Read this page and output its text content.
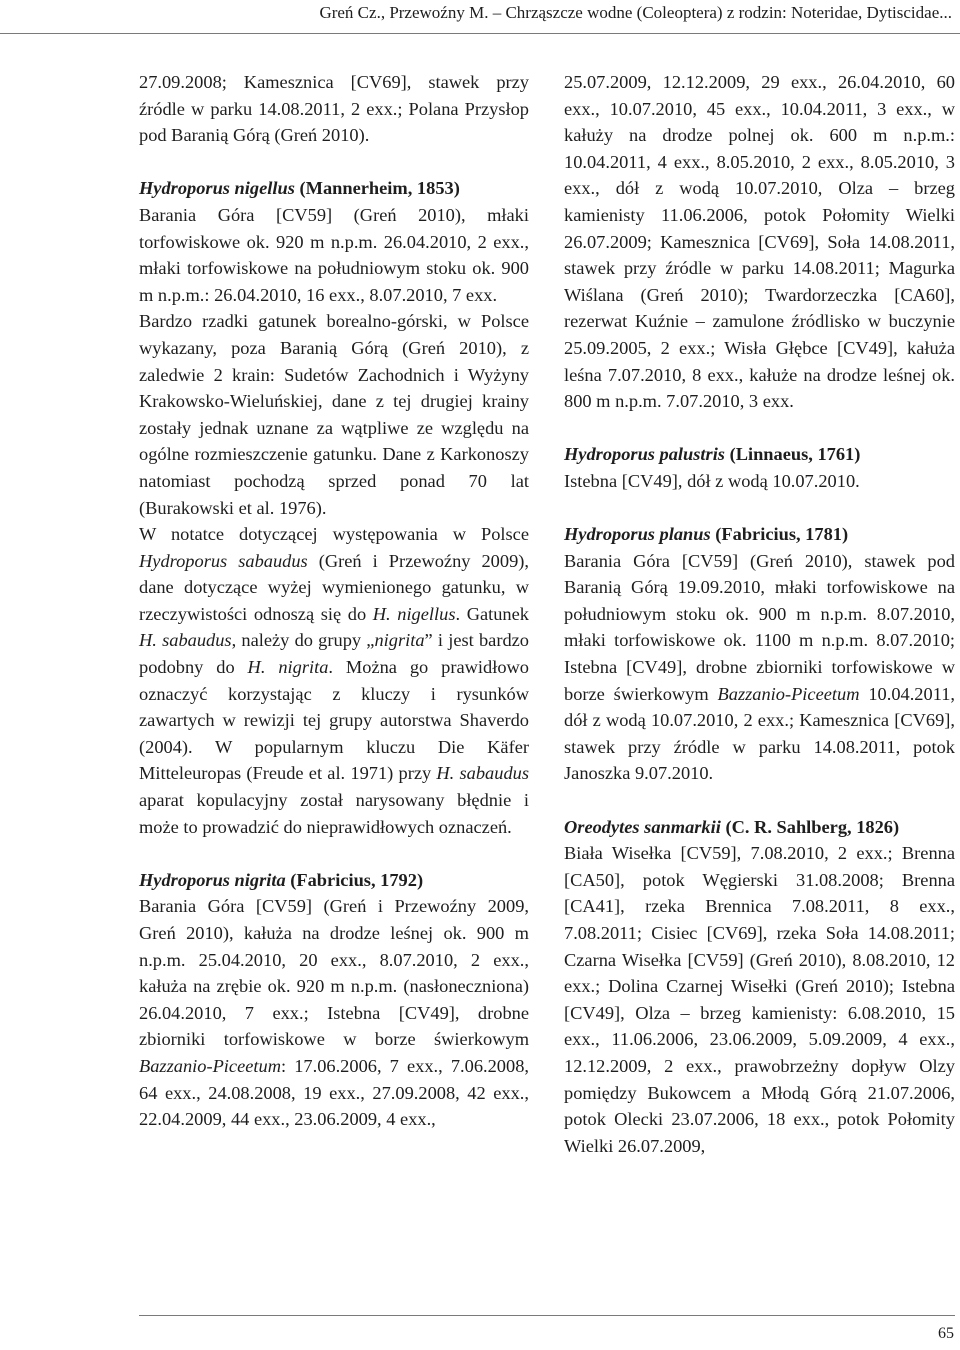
Greń Cz., Przewoźny M. – Chrząszcze wodne (Coleoptera) z rodzin: Noteridae, Dytiscidae...

27.09.2008; Kamesznica [CV69], stawek przy źródle w parku 14.08.2011, 2 exx.; Polana Przysłop pod Baranią Górą (Greń 2010).

Hydroporus nigellus (Mannerheim, 1853)

Barania Góra [CV59] (Greń 2010), młaki torfowiskowe ok. 920 m n.p.m. 26.04.2010, 2 exx., młaki torfowiskowe na południowym stoku ok. 900 m n.p.m.: 26.04.2010, 16 exx., 8.07.2010, 7 exx.

Bardzo rzadki gatunek borealno-górski, w Polsce wykazany, poza Baranią Górą (Greń 2010), z zaledwie 2 krain: Sudetów Zachodnich i Wyżyny Krakowsko-Wieluńskiej, dane z tej drugiej krainy zostały jednak uznane za wątpliwe ze względu na ogólne rozmieszczenie gatunku. Dane z Karkonoszy natomiast pochodzą sprzed ponad 70 lat (Burakowski et al. 1976).

W notatce dotyczącej występowania w Polsce Hydroporus sabaudus (Greń i Przewoźny 2009), dane dotyczące wyżej wymienionego gatunku, w rzeczywistości odnoszą się do H. nigellus. Gatunek H. sabaudus, należy do grupy „nigrita” i jest bardzo podobny do H. nigrita. Można go prawidłowo oznaczyć korzystając z kluczy i rysunków zawartych w rewizji tej grupy autorstwa Shaverdo (2004). W popularnym kluczu Die Käfer Mitteleuropas (Freude et al. 1971) przy H. sabaudus aparat kopulacyjny został narysowany błędnie i może to prowadzić do nieprawidłowych oznaczeń.

Hydroporus nigrita (Fabricius, 1792)

Barania Góra [CV59] (Greń i Przewoźny 2009, Greń 2010), kałuża na drodze leśnej ok. 900 m n.p.m. 25.04.2010, 20 exx., 8.07.2010, 2 exx., kałuża na zrębie ok. 920 m n.p.m. (nasłoneczniona) 26.04.2010, 7 exx.; Istebna [CV49], drobne zbiorniki torfowiskowe w borze świerkowym Bazzanio-Piceetum: 17.06.2006, 7 exx., 7.06.2008, 64 exx., 24.08.2008, 19 exx., 27.09.2008, 42 exx., 22.04.2009, 44 exx., 23.06.2009, 4 exx.,

25.07.2009, 12.12.2009, 29 exx., 26.04.2010, 60 exx., 10.07.2010, 45 exx., 10.04.2011, 3 exx., w kałuży na drodze polnej ok. 600 m n.p.m.: 10.04.2011, 4 exx., 8.05.2010, 2 exx., 8.05.2010, 3 exx., dół z wodą 10.07.2010, Olza – brzeg kamienisty 11.06.2006, potok Połomity Wielki 26.07.2009; Kamesznica [CV69], Soła 14.08.2011, stawek przy źródle w parku 14.08.2011; Magurka Wiślana (Greń 2010); Twardorzeczka [CA60], rezerwat Kuźnie – zamulone źródlisko w buczynie 25.09.2005, 2 exx.; Wisła Głębce [CV49], kałuża leśna 7.07.2010, 8 exx., kałuże na drodze leśnej ok. 800 m n.p.m. 7.07.2010, 3 exx.

Hydroporus palustris (Linnaeus, 1761)

Istebna [CV49], dół z wodą 10.07.2010.

Hydroporus planus (Fabricius, 1781)

Barania Góra [CV59] (Greń 2010), stawek pod Baranią Górą 19.09.2010, młaki torfowiskowe na południowym stoku ok. 900 m n.p.m. 8.07.2010, młaki torfowiskowe ok. 1100 m n.p.m. 8.07.2010; Istebna [CV49], drobne zbiorniki torfowiskowe w borze świerkowym Bazzanio-Piceetum 10.04.2011, dół z wodą 10.07.2010, 2 exx.; Kamesznica [CV69], stawek przy źródle w parku 14.08.2011, potok Janoszka 9.07.2010.

Oreodytes sanmarkii (C. R. Sahlberg, 1826)

Biała Wisełka [CV59], 7.08.2010, 2 exx.; Brenna [CA50], potok Węgierski 31.08.2008; Brenna [CA41], rzeka Brennica 7.08.2011, 8 exx., 7.08.2011; Cisiec [CV69], rzeka Soła 14.08.2011; Czarna Wisełka [CV59] (Greń 2010), 8.08.2010, 12 exx.; Dolina Czarnej Wisełki (Greń 2010); Istebna [CV49], Olza – brzeg kamienisty: 6.08.2010, 15 exx., 11.06.2006, 23.06.2009, 5.09.2009, 4 exx., 12.12.2009, 2 exx., prawobrzeżny dopływ Olzy pomiędzy Bukowcem a Młodą Górą 21.07.2006, potok Olecki 23.07.2006, 18 exx., potok Połomity Wielki 26.07.2009,

65
